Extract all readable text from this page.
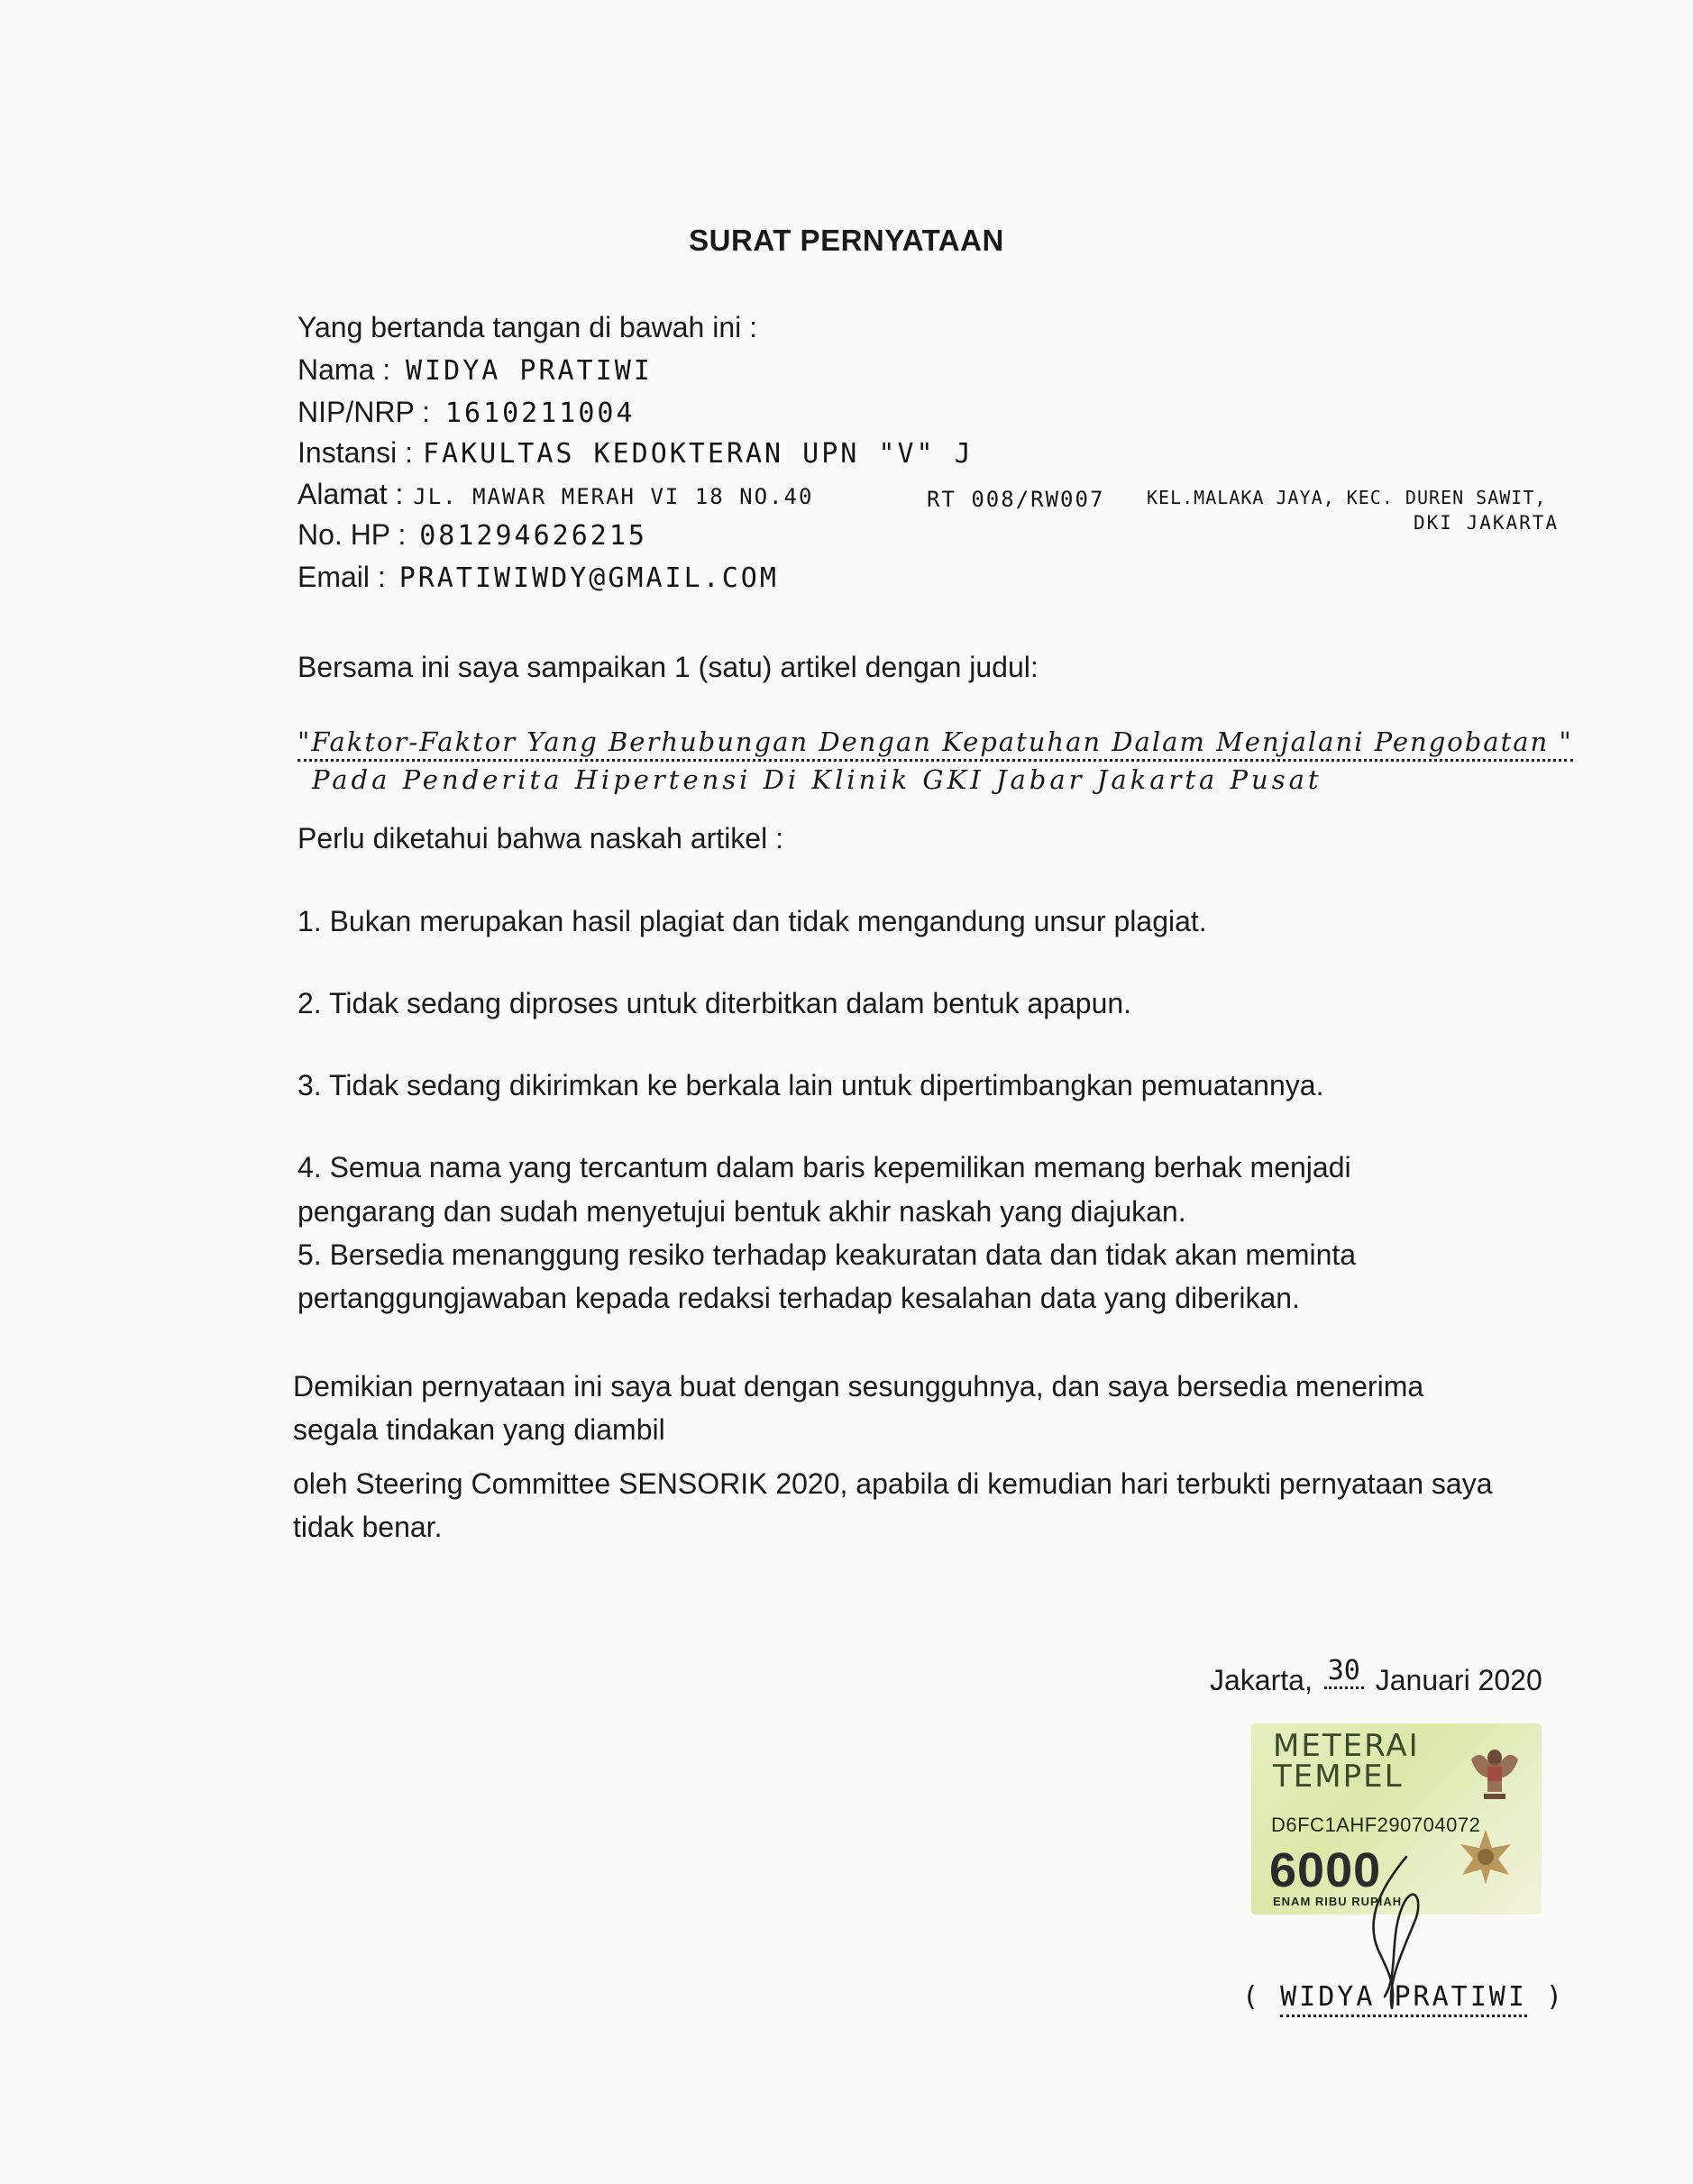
SURAT PERNYATAAN
Yang bertanda tangan di bawah ini :
Nama : WIDYA PRATIWI
NIP/NRP : 1610211004
Instansi : FAKULTAS KEDOKTERAN UPN "V" J
Alamat : JL. MAWAR MERAH VI 18 NO.40	RT 008/RW007 KEL.MALAKA JAYA, KEC. DUREN SAWIT,
DKI JAKARTA
No. HP : 081294626215
Email : PRATIWIWDY@GMAIL.COM
Bersama ini saya sampaikan 1 (satu) artikel dengan judul:
"Faktor-Faktor Yang Berhubungan Dengan Kepatuhan Dalam Menjalani Pengobatan "
Pada Penderita Hipertensi Di Klinik GKI Jabar Jakarta Pusat
Perlu diketahui bahwa naskah artikel :
1. Bukan merupakan hasil plagiat dan tidak mengandung unsur plagiat.
2. Tidak sedang diproses untuk diterbitkan dalam bentuk apapun.
3. Tidak sedang dikirimkan ke berkala lain untuk dipertimbangkan pemuatannya.
4. Semua nama yang tercantum dalam baris kepemilikan memang berhak menjadi
pengarang dan sudah menyetujui bentuk akhir naskah yang diajukan.
5. Bersedia menanggung resiko terhadap keakuratan data dan tidak akan meminta
pertanggungjawaban kepada redaksi terhadap kesalahan data yang diberikan.
Demikian pernyataan ini saya buat dengan sesungguhnya, dan saya bersedia menerima
segala tindakan yang diambil
oleh Steering Committee SENSORIK 2020, apabila di kemudian hari terbukti pernyataan saya
tidak benar.
Jakarta, 30 Januari 2020
METERAI
TEMPEL
D6FC1AHF290704072
6000
ENAM RIBU RUPIAH
( WIDYA PRATIWI )
